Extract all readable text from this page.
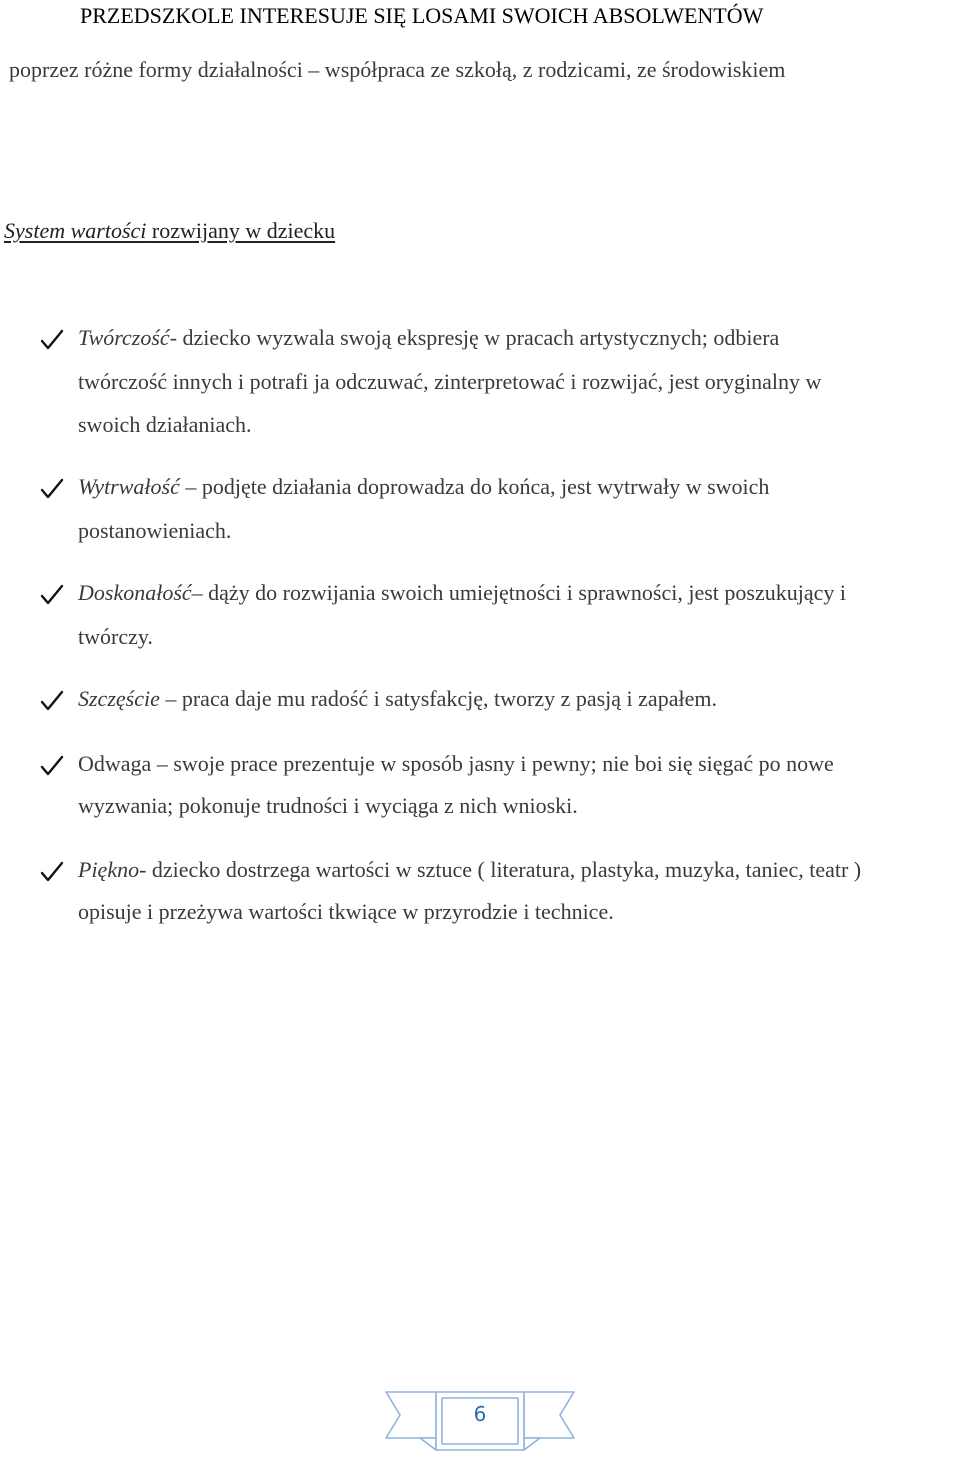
PRZEDSZKOLE INTERESUJE SIĘ LOSAMI SWOICH ABSOLWENTÓW
poprzez różne formy działalności – współpraca ze szkołą, z rodzicami, ze środowiskiem
System wartości rozwijany w dziecku
Twórczość- dziecko wyzwala swoją ekspresję w pracach artystycznych; odbiera
twórczość innych i potrafi ja odczuwać, zinterpretować i rozwijać, jest oryginalny w
swoich działaniach.
Wytrwałość – podjęte działania doprowadza do końca, jest wytrwały w swoich
postanowieniach.
Doskonałość– dąży do rozwijania swoich umiejętności i sprawności, jest poszukujący i
twórczy.
Szczęście – praca daje mu radość i satysfakcję, tworzy z pasją i zapałem.
Odwaga – swoje prace prezentuje w sposób jasny i pewny; nie boi się sięgać po nowe
wyzwania; pokonuje trudności i wyciąga z nich wnioski.
Piękno- dziecko dostrzega wartości w sztuce ( literatura, plastyka, muzyka, taniec, teatr )
opisuje i przeżywa wartości tkwiące w przyrodzie i technice.
6
